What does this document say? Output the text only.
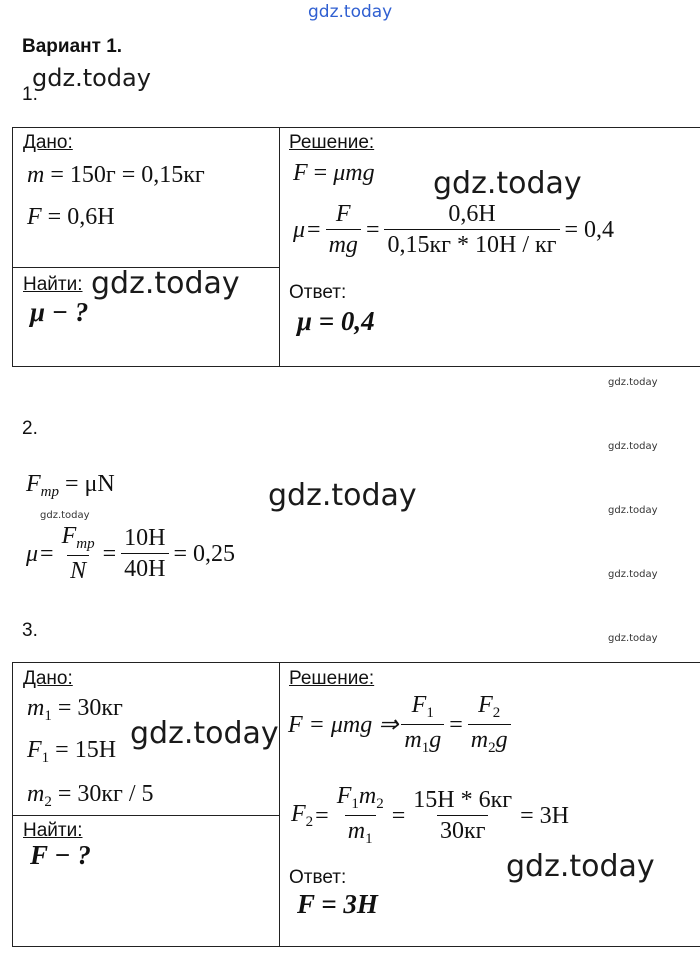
gdz.today
Вариант 1.
1.
gdz.today
Дано:
m = 150г = 0,15кг
F = 0,6H
Найти: gdz.today
μ − ?
Решение:
F = μmg gdz.today
$\mu = \frac{F}{mg} = \frac{0,6H}{0,15кг * 10H / кг} = 0,4$
Ответ:
μ = 0,4
gdz.today
2.
gdz.today
$F_{тр} = \mu N$	gdz.today
gdz.today	gdz.today
$\mu = \frac{F_{тр}}{N} = \frac{10H}{40H} = 0,25$
gdz.today
3.	gdz.today
Дано:
$m_1 = 30кг$
$F_1 = 15H$ gdz.today
$m_2 = 30кг / 5$
Найти:
F − ?
Решение:
F = μmg ⇒ $\frac{F_1}{m_1g} = \frac{F_2}{m_2g}$
$F_2 = \frac{F_1m_2}{m_1} = \frac{15H * 6кг}{30кг} = 3H$
gdz.today
Ответ:
F = 3H
